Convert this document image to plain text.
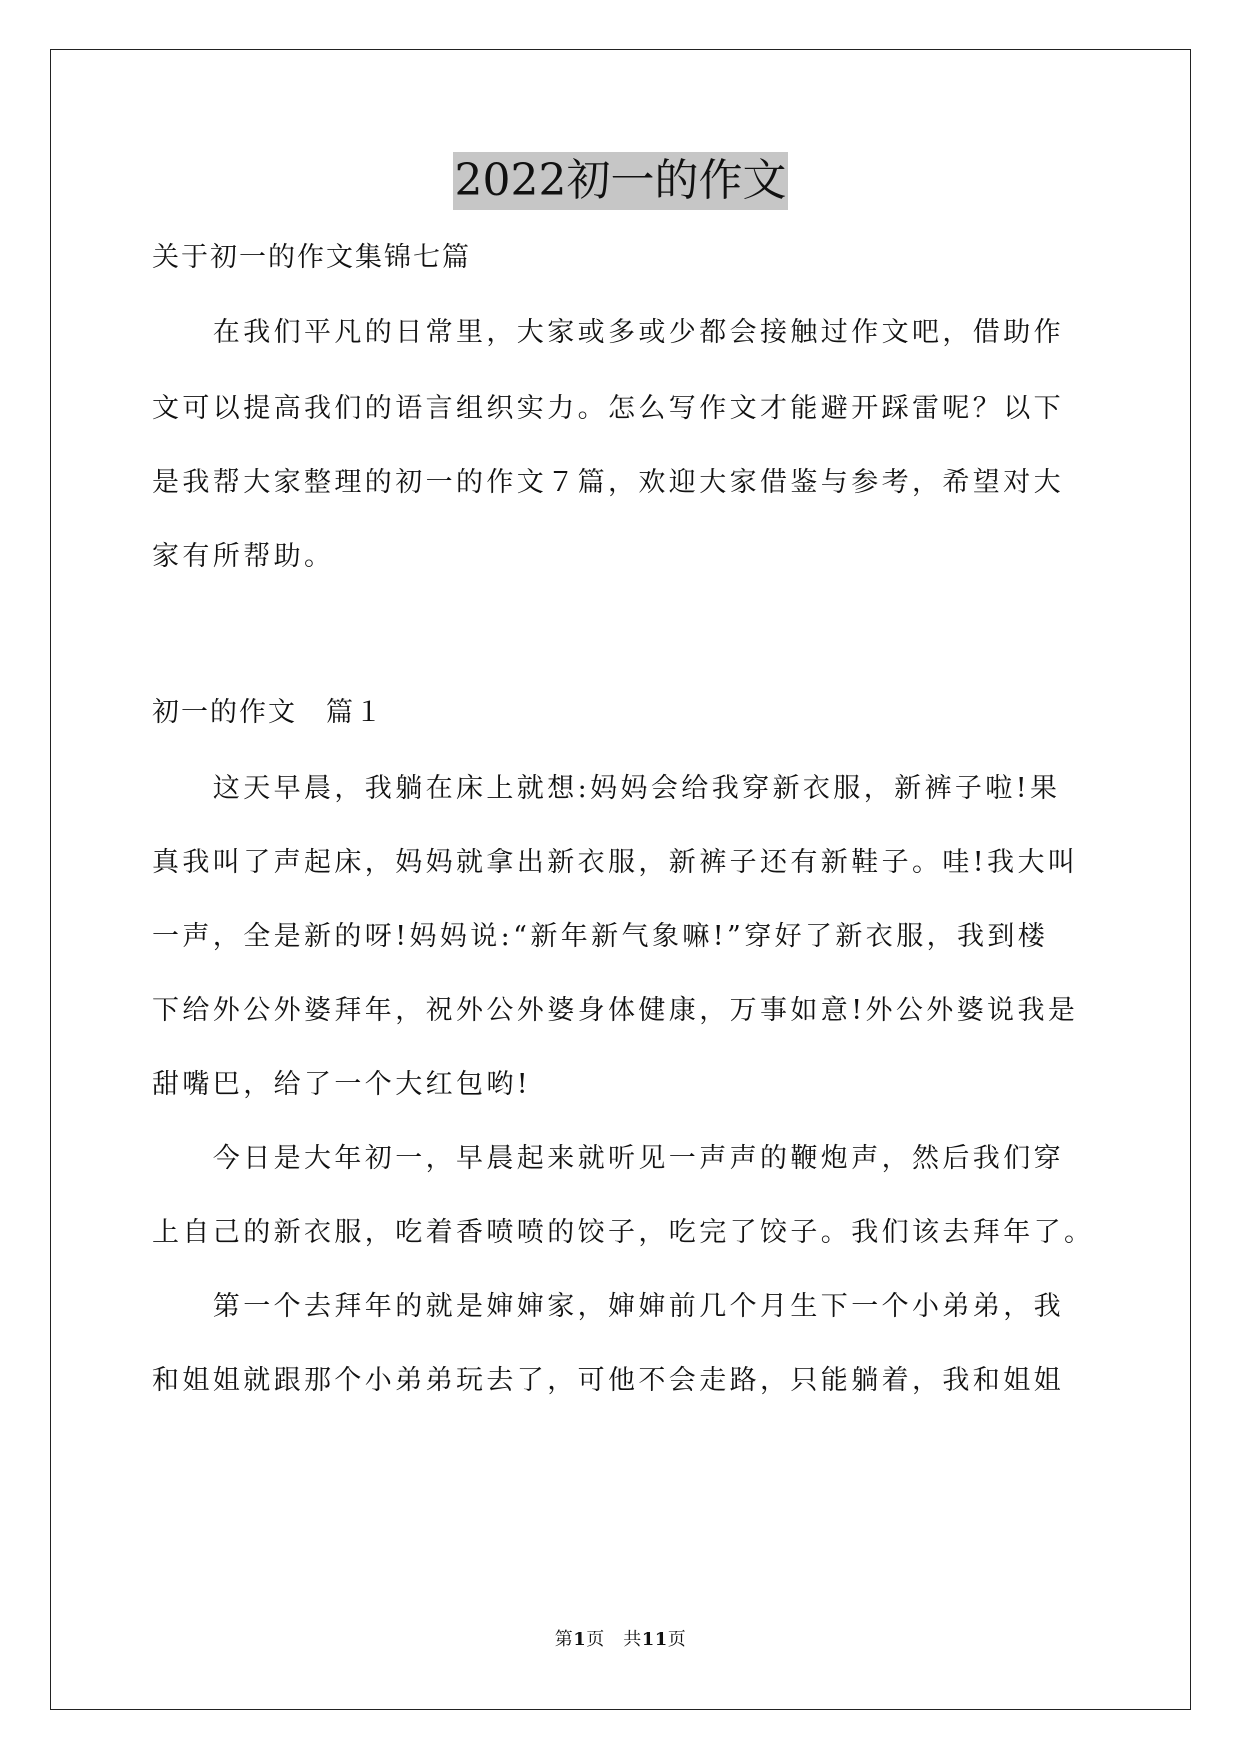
2022初一的作文
关于初一的作文集锦七篇
　　在我们平凡的日常里，大家或多或少都会接触过作文吧，借助作
文可以提高我们的语言组织实力。怎么写作文才能避开踩雷呢？以下
是我帮大家整理的初一的作文７篇，欢迎大家借鉴与参考，希望对大
家有所帮助。
初一的作文　篇１
　　这天早晨，我躺在床上就想:妈妈会给我穿新衣服，新裤子啦!果
真我叫了声起床，妈妈就拿出新衣服，新裤子还有新鞋子。哇!我大叫
一声，全是新的呀!妈妈说:“新年新气象嘛!”穿好了新衣服，我到楼
下给外公外婆拜年，祝外公外婆身体健康，万事如意!外公外婆说我是
甜嘴巴，给了一个大红包哟!
　　今日是大年初一，早晨起来就听见一声声的鞭炮声，然后我们穿
上自己的新衣服，吃着香喷喷的饺子，吃完了饺子。我们该去拜年了。
　　第一个去拜年的就是婶婶家，婶婶前几个月生下一个小弟弟，我
和姐姐就跟那个小弟弟玩去了，可他不会走路，只能躺着，我和姐姐
第1页　共11页
